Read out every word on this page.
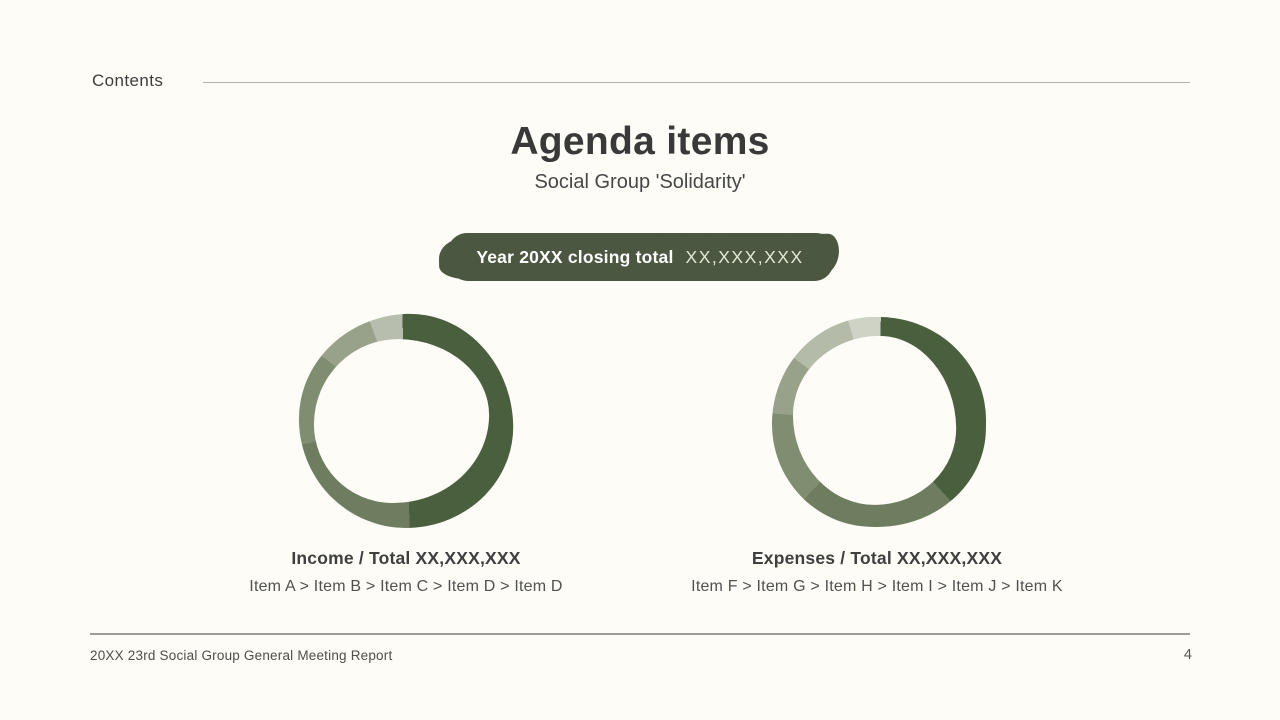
Contents
Agenda items
Social Group 'Solidarity'
Year 20XX closing total XX,XXX,XXX
Income / Total XX,XXX,XXX
Item A > Item B > Item C > Item D > Item D
Expenses / Total XX,XXX,XXX
Item F > Item G > Item H > Item I > Item J > Item K
20XX 23rd Social Group General Meeting Report	4
